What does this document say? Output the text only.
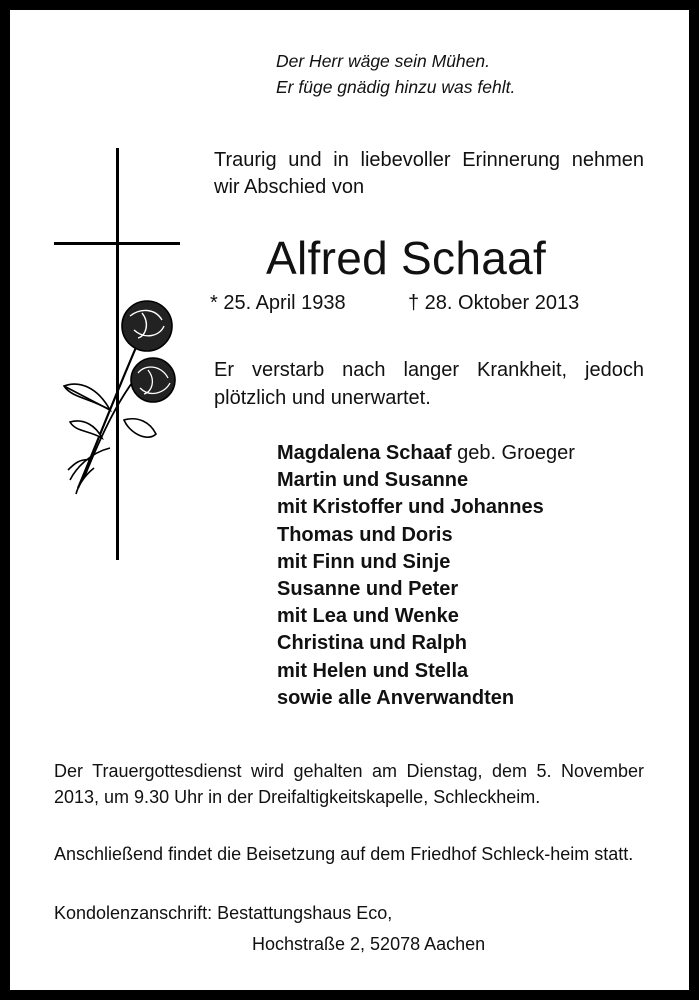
Der Herr wäge sein Mühen.
Er füge gnädig hinzu was fehlt.
Traurig und in liebevoller Erinnerung nehmen wir Abschied von
Alfred Schaaf
* 25. April 1938	† 28. Oktober 2013
Er verstarb nach langer Krankheit, jedoch plötzlich und unerwartet.
Magdalena Schaaf geb. Groeger
Martin und Susanne
mit Kristoffer und Johannes
Thomas und Doris
mit Finn und Sinje
Susanne und Peter
mit Lea und Wenke
Christina und Ralph
mit Helen und Stella
sowie alle Anverwandten
Der Trauergottesdienst wird gehalten am Dienstag, dem 5. November 2013, um 9.30 Uhr in der Dreifaltigkeitskapelle, Schleckheim.
Anschließend findet die Beisetzung auf dem Friedhof Schleck-heim statt.
Kondolenzanschrift: Bestattungshaus Eco,
Hochstraße 2, 52078 Aachen
